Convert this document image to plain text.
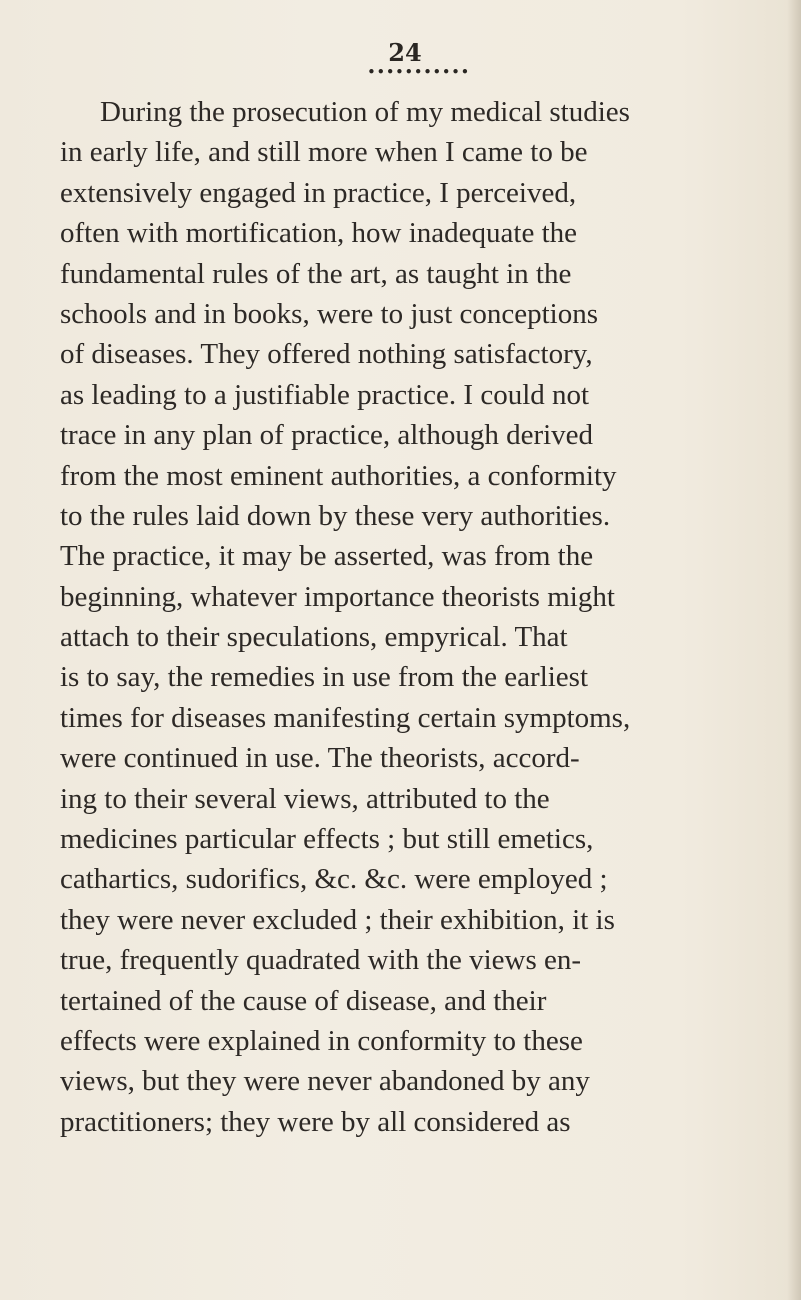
24
•••••••••••
During the prosecution of my medical studies
in early life, and still more when I came to be
extensively engaged in practice, I perceived,
often with mortification, how inadequate the
fundamental rules of the art, as taught in the
schools and in books, were to just conceptions
of diseases. They offered nothing satisfactory,
as leading to a justifiable practice. I could not
trace in any plan of practice, although derived
from the most eminent authorities, a conformity
to the rules laid down by these very authorities.
The practice, it may be asserted, was from the
beginning, whatever importance theorists might
attach to their speculations, empyrical. That
is to say, the remedies in use from the earliest
times for diseases manifesting certain symptoms,
were continued in use. The theorists, accord-
ing to their several views, attributed to the
medicines particular effects ; but still emetics,
cathartics, sudorifics, &c. &c. were employed ;
they were never excluded ; their exhibition, it is
true, frequently quadrated with the views en-
tertained of the cause of disease, and their
effects were explained in conformity to these
views, but they were never abandoned by any
practitioners; they were by all considered as
